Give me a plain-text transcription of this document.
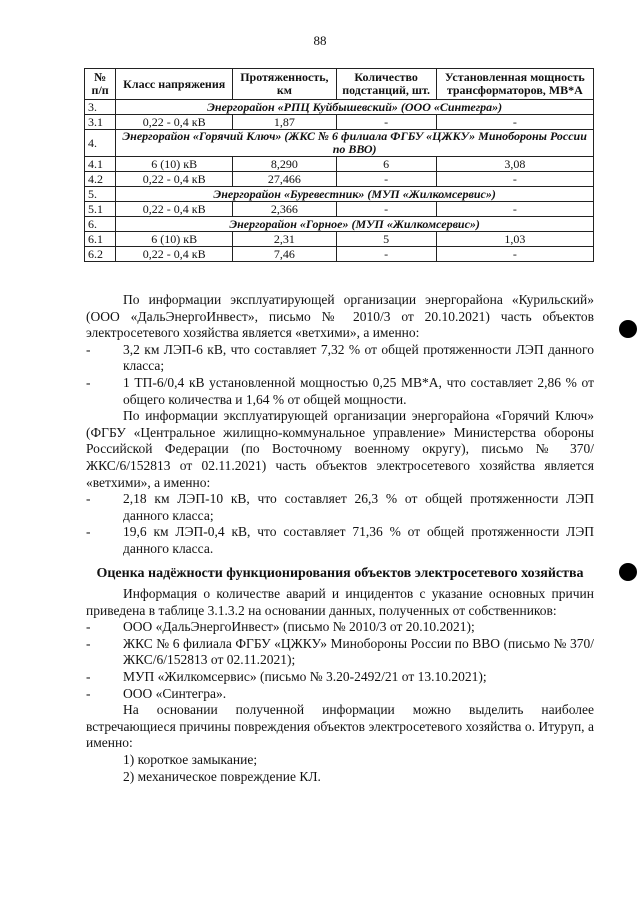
88
№ п/п	Класс напряжения	Протяженность, км	Количество подстанций, шт.	Установленная мощность трансформаторов, МВ*А
3.	Энергорайон «РПЦ Куйбышевский» (ООО «Синтегра»)			
3.1	0,22 - 0,4 кВ	1,87	-	-
4.	Энергорайон «Горячий Ключ» (ЖКС № 6 филиала ФГБУ «ЦЖКУ» Минобороны России по ВВО)			
4.1	6 (10) кВ	8,290	6	3,08
4.2	0,22 - 0,4 кВ	27,466	-	-
5.	Энергорайон «Буревестник» (МУП «Жилкомсервис»)			
5.1	0,22 - 0,4 кВ	2,366	-	-
6.	Энергорайон «Горное» (МУП «Жилкомсервис»)			
6.1	6 (10) кВ	2,31	5	1,03
6.2	0,22 - 0,4 кВ	7,46	-	-

По информации эксплуатирующей организации энергорайона «Курильский» (ООО «ДальЭнергоИнвест», письмо № 2010/3 от 20.10.2021) часть объектов электросетевого хозяйства является «ветхими», а именно:

-	3,2 км ЛЭП-6 кВ, что составляет 7,32 % от общей протяженности ЛЭП данного класса;
-	1 ТП-6/0,4 кВ установленной мощностью 0,25 МВ*А, что составляет 2,86 % от общего количества и 1,64 % от общей мощности.

По информации эксплуатирующей организации энергорайона «Горячий Ключ» (ФГБУ «Центральное жилищно-коммунальное управление» Министерства обороны Российской Федерации (по Восточному военному округу), письмо № 370/ЖКС/6/152813 от 02.11.2021) часть объектов электросетевого хозяйства является «ветхими», а именно:

-	2,18 км ЛЭП-10 кВ, что составляет 26,3 % от общей протяженности ЛЭП данного класса;
-	19,6 км ЛЭП-0,4 кВ, что составляет 71,36 % от общей протяженности ЛЭП данного класса.

Оценка надёжности функционирования объектов электросетевого хозяйства

Информация о количестве аварий и инцидентов с указание основных причин приведена в таблице 3.1.3.2 на основании данных, полученных от собственников:

-	ООО «ДальЭнергоИнвест» (письмо № 2010/3 от 20.10.2021);
-	ЖКС № 6 филиала ФГБУ «ЦЖКУ» Минобороны России по ВВО (письмо № 370/ЖКС/6/152813 от 02.11.2021);
-	МУП «Жилкомсервис» (письмо № 3.20-2492/21 от 13.10.2021);
-	ООО «Синтегра».

На основании полученной информации можно выделить наиболее встречающиеся причины повреждения объектов электросетевого хозяйства о. Итуруп, а именно:

1) короткое замыкание;

2) механическое повреждение КЛ.
